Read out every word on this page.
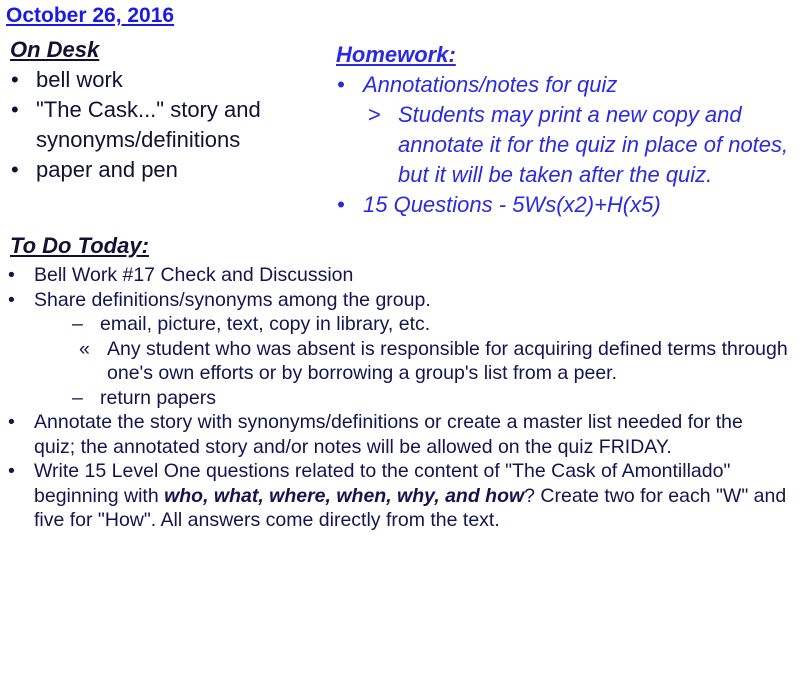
October 26, 2016
On Desk
• bell work
• "The Cask..." story and synonyms/definitions
• paper and pen
Homework:
• Annotations/notes for quiz
> Students may print a new copy and annotate it for the quiz in place of notes, but it will be taken after the quiz.
• 15 Questions - 5Ws(x2)+H(x5)
To Do Today:
• Bell Work #17 Check and Discussion
• Share definitions/synonyms among the group.
– email, picture, text, copy in library, etc.
« Any student who was absent is responsible for acquiring defined terms through one's own efforts or by borrowing a group's list from a peer.
– return papers
• Annotate the story with synonyms/definitions or create a master list needed for the quiz; the annotated story and/or notes will be allowed on the quiz FRIDAY.
• Write 15 Level One questions related to the content of "The Cask of Amontillado" beginning with who, what, where, when, why, and how? Create two for each "W" and five for "How". All answers come directly from the text.
